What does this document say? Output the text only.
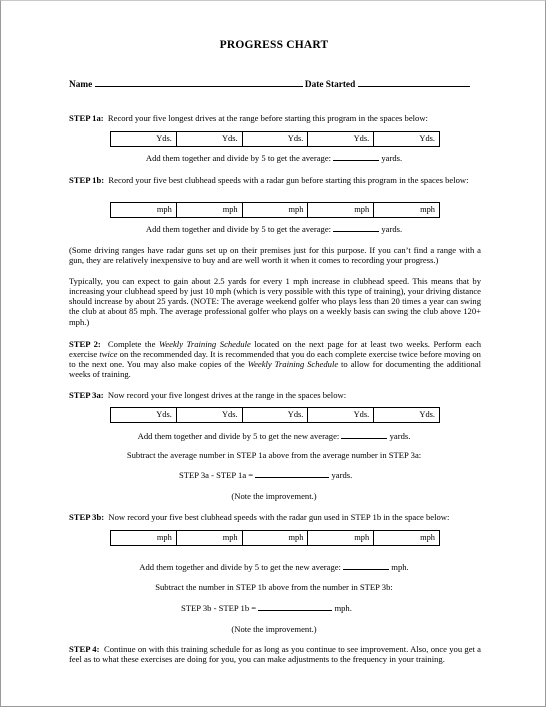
PROGRESS CHART
Name	Date Started
STEP 1a: Record your five longest drives at the range before starting this program in the spaces below:
Yds.	Yds.	Yds.	Yds.	Yds.
Add them together and divide by 5 to get the average:	yards.
STEP 1b: Record your five best clubhead speeds with a radar gun before starting this program in the spaces below:
mph	mph	mph	mph	mph
Add them together and divide by 5 to get the average:	yards.
(Some driving ranges have radar guns set up on their premises just for this purpose. If you can’t find a range with a gun, they are relatively inexpensive to buy and are well worth it when it comes to recording your progress.)
Typically, you can expect to gain about 2.5 yards for every 1 mph increase in clubhead speed. This means that by increasing your clubhead speed by just 10 mph (which is very possible with this type of training), your driving distance should increase by about 25 yards. (NOTE: The average weekend golfer who plays less than 20 times a year can swing the club at about 85 mph. The average professional golfer who plays on a weekly basis can swing the club above 120+ mph.)
STEP 2: Complete the Weekly Training Schedule located on the next page for at least two weeks. Perform each exercise twice on the recommended day. It is recommended that you do each complete exercise twice before moving on to the next one. You may also make copies of the Weekly Training Schedule to allow for documenting the additional weeks of training.
STEP 3a: Now record your five longest drives at the range in the spaces below:
Yds.	Yds.	Yds.	Yds.	Yds.
Add them together and divide by 5 to get the new average:	yards.
Subtract the average number in STEP 1a above from the average number in STEP 3a:
STEP 3a - STEP 1a =	yards.
(Note the improvement.)
STEP 3b: Now record your five best clubhead speeds with the radar gun used in STEP 1b in the space below:
mph	mph	mph	mph	mph
Add them together and divide by 5 to get the new average:	mph.
Subtract the number in STEP 1b above from the number in STEP 3b:
STEP 3b - STEP 1b =	mph.
(Note the improvement.)
STEP 4: Continue on with this training schedule for as long as you continue to see improvement. Also, once you get a feel as to what these exercises are doing for you, you can make adjustments to the frequency in your training.
